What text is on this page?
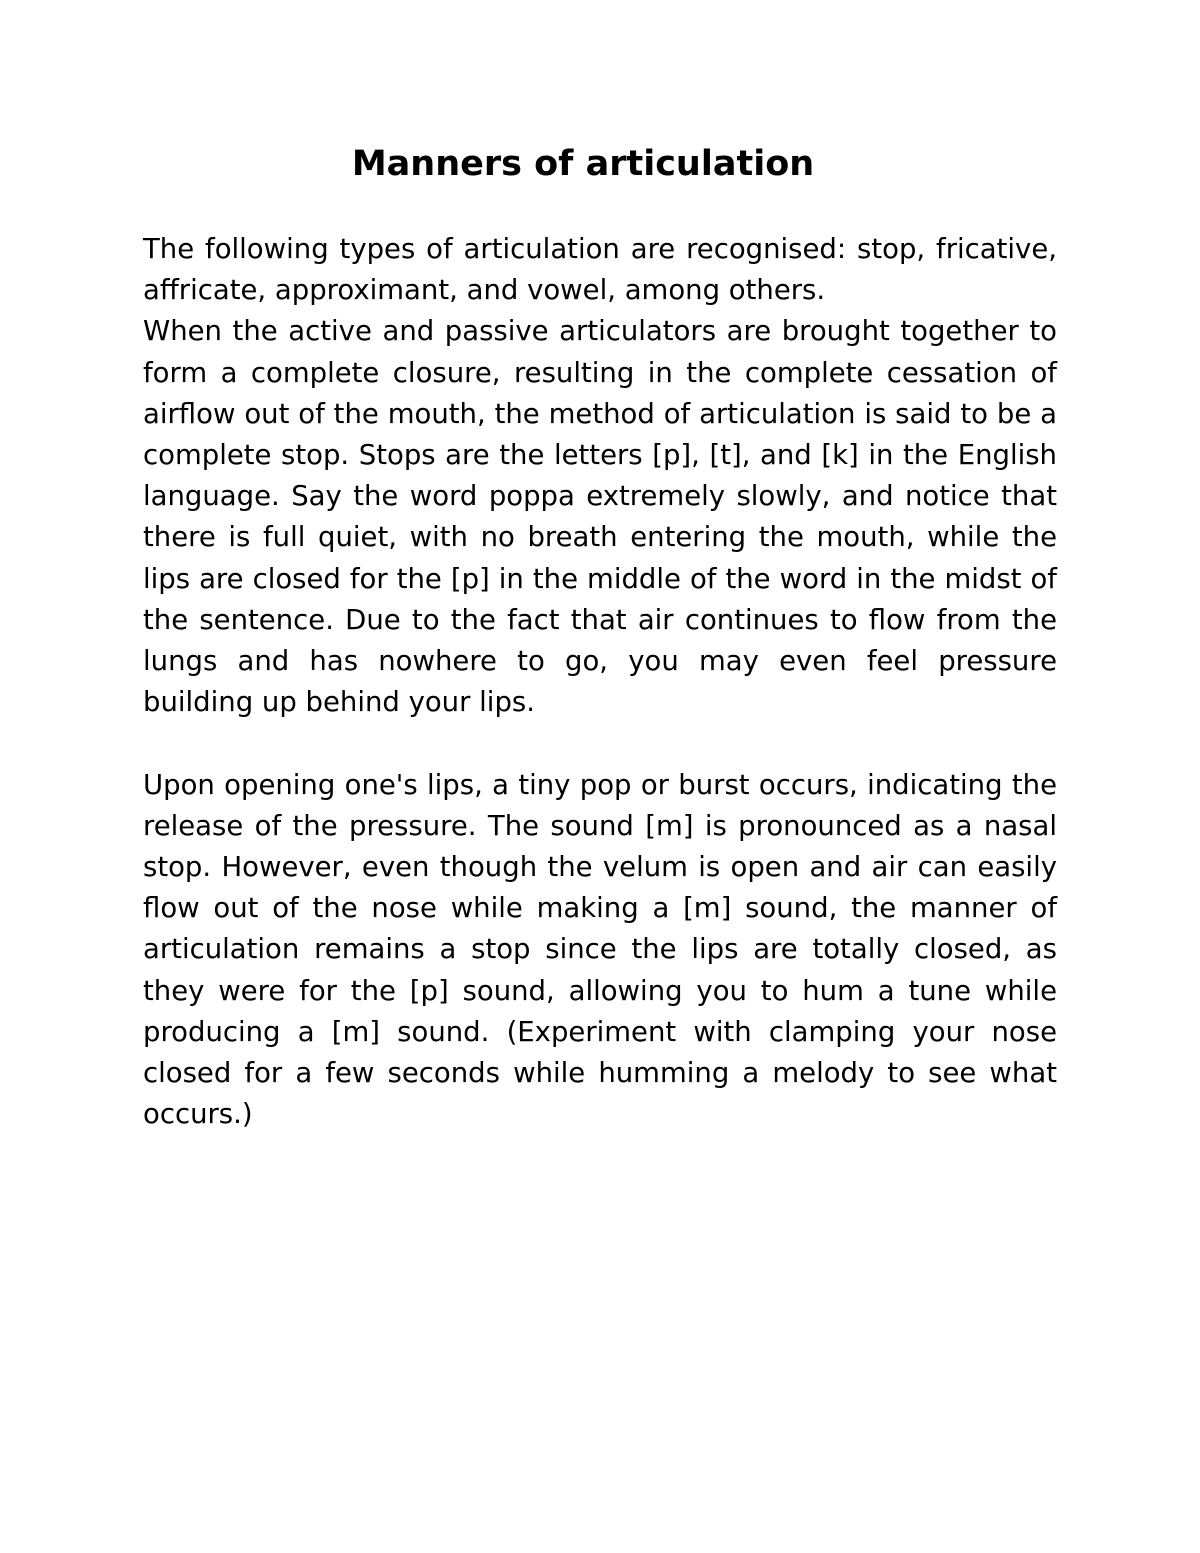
Manners of articulation

The following types of articulation are recognised: stop, fricative, affricate, approximant, and vowel, among others.

When the active and passive articulators are brought together to form a complete closure, resulting in the complete cessation of airflow out of the mouth, the method of articulation is said to be a complete stop. Stops are the letters [p], [t], and [k] in the English language. Say the word poppa extremely slowly, and notice that there is full quiet, with no breath entering the mouth, while the lips are closed for the [p] in the middle of the word in the midst of the sentence. Due to the fact that air continues to flow from the lungs and has nowhere to go, you may even feel pressure building up behind your lips.

Upon opening one's lips, a tiny pop or burst occurs, indicating the release of the pressure. The sound [m] is pronounced as a nasal stop. However, even though the velum is open and air can easily flow out of the nose while making a [m] sound, the manner of articulation remains a stop since the lips are totally closed, as they were for the [p] sound, allowing you to hum a tune while producing a [m] sound. (Experiment with clamping your nose closed for a few seconds while humming a melody to see what occurs.)
